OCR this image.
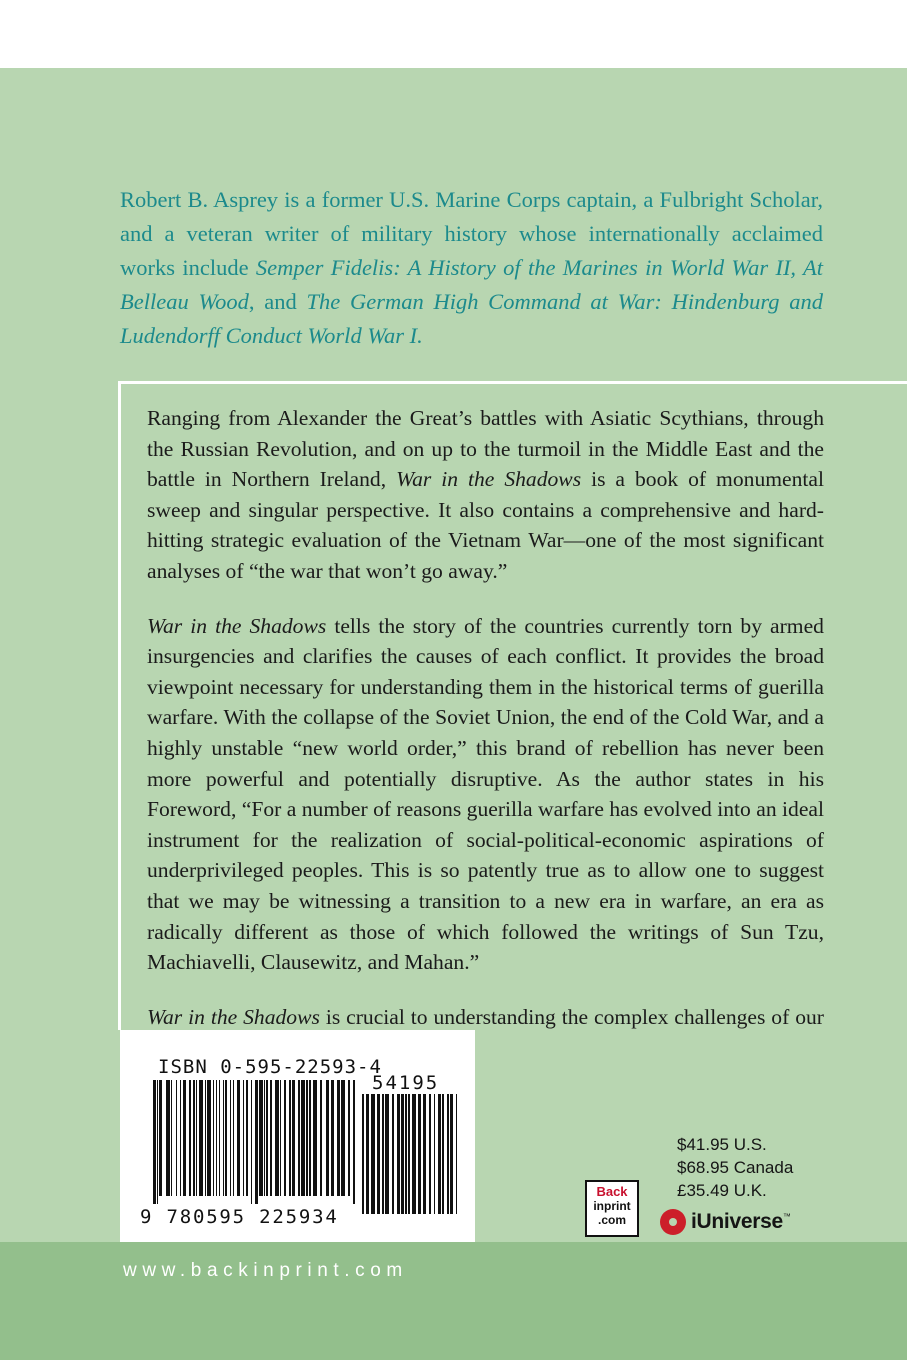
Robert B. Asprey is a former U.S. Marine Corps captain, a Fulbright Scholar, and a veteran writer of military history whose internationally acclaimed works include Semper Fidelis: A History of the Marines in World War II, At Belleau Wood, and The German High Command at War: Hindenburg and Ludendorff Conduct World War I.

Ranging from Alexander the Great’s battles with Asiatic Scythians, through the Russian Revolution, and on up to the turmoil in the Middle East and the battle in Northern Ireland, War in the Shadows is a book of monumental sweep and singular perspective. It also contains a comprehensive and hard-hitting strategic evaluation of the Vietnam War—one of the most significant analyses of “the war that won’t go away.”

War in the Shadows tells the story of the countries currently torn by armed insurgencies and clarifies the causes of each conflict. It provides the broad viewpoint necessary for understanding them in the historical terms of guerilla warfare. With the collapse of the Soviet Union, the end of the Cold War, and a highly unstable “new world order,” this brand of rebellion has never been more powerful and potentially disruptive. As the author states in his Foreword, “For a number of reasons guerilla warfare has evolved into an ideal instrument for the realization of social-political-economic aspirations of underprivileged peoples. This is so patently true as to allow one to suggest that we may be witnessing a transition to a new era in warfare, an era as radically different as those of which followed the writings of Sun Tzu, Machiavelli, Clausewitz, and Mahan.”

War in the Shadows is crucial to understanding the complex challenges of our

ISBN 0-595-22593-4
54195
9 780595 225934
$41.95 U.S.
$68.95 Canada
£35.49 U.K.
Back
inprint
.com	iUniverse ™
www.backinprint.com
